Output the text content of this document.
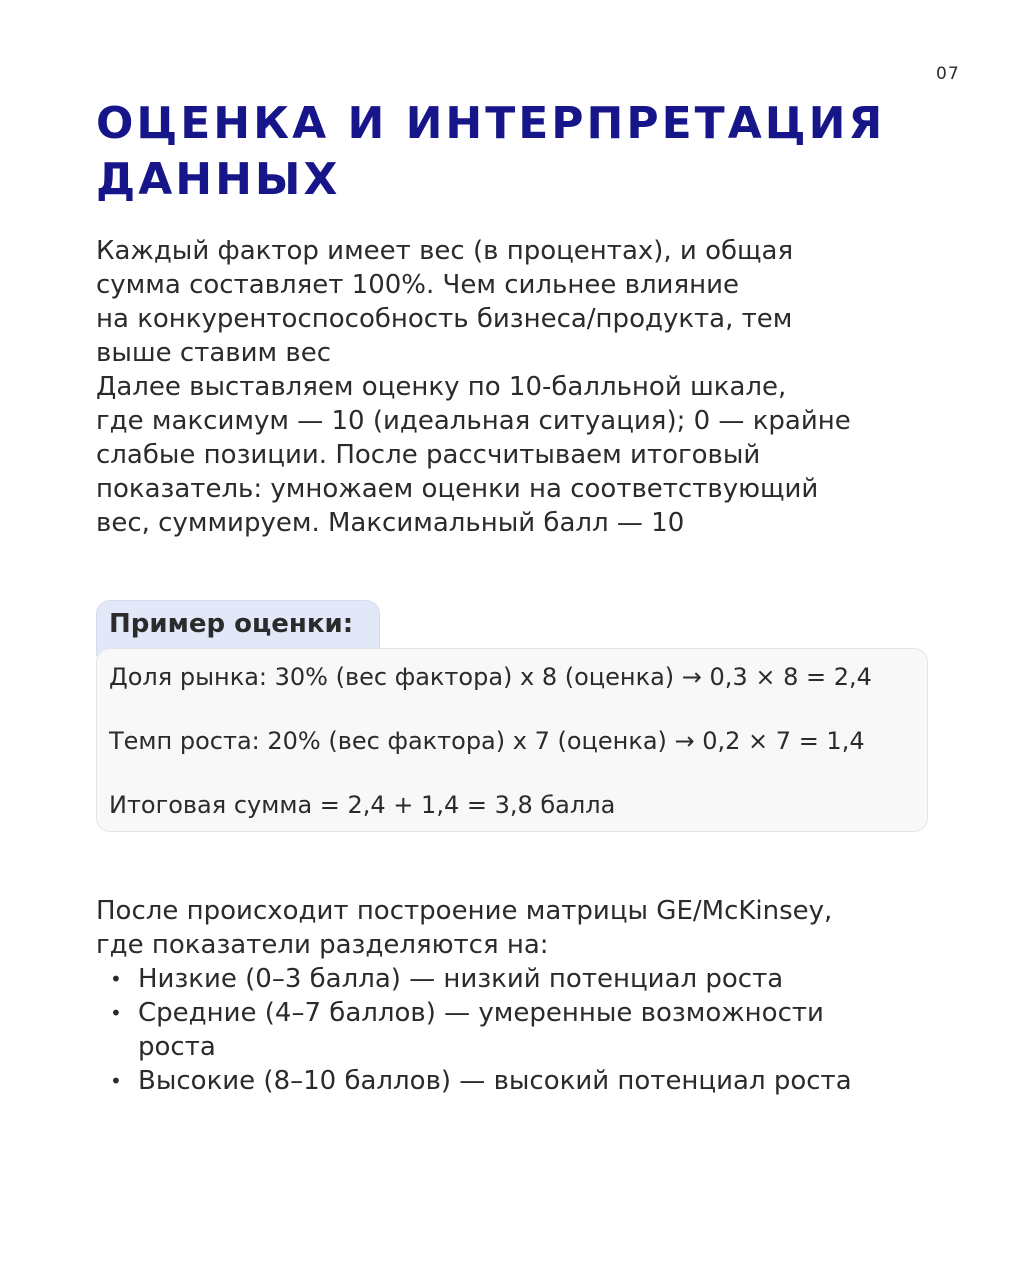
07
ОЦЕНКА И ИНТЕРПРЕТАЦИЯ
ДАННЫХ
Каждый фактор имеет вес (в процентах), и общая
сумма составляет 100%. Чем сильнее влияние
на конкурентоспособность бизнеса/продукта, тем
выше ставим вес
Далее выставляем оценку по 10-балльной шкале,
где максимум — 10 (идеальная ситуация); 0 — крайне
слабые позиции. После рассчитываем итоговый
показатель: умножаем оценки на соответствующий
вес, суммируем. Максимальный балл — 10
Пример оценки:
Доля рынка: 30% (вес фактора) x 8 (оценка) → 0,3 × 8 = 2,4
Темп роста: 20% (вес фактора) x 7 (оценка) → 0,2 × 7 = 1,4
Итоговая сумма = 2,4 + 1,4 = 3,8 балла
После происходит построение матрицы GE/McKinsey,
где показатели разделяются на:
• Низкие (0–3 балла) — низкий потенциал роста
• Средние (4–7 баллов) — умеренные возможности
роста
• Высокие (8–10 баллов) — высокий потенциал роста
